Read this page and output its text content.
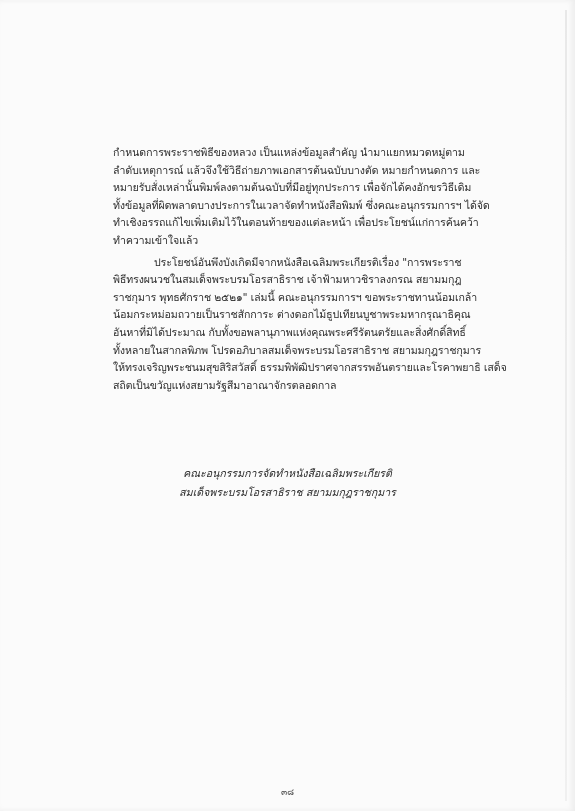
กำหนดการพระราชพิธีของหลวง เป็นแหล่งข้อมูลสำคัญ นำมาแยกหมวดหมู่ตาม
ลำดับเหตุการณ์ แล้วจึงใช้วิธีถ่ายภาพเอกสารต้นฉบับบางตัด หมายกำหนดการ และ
หมายรับสั่งเหล่านั้นพิมพ์ลงตามต้นฉบับที่มีอยู่ทุกประการ เพื่อจักได้คงอักขรวิธีเดิม
ทั้งข้อมูลที่ผิดพลาดบางประการในเวลาจัดทำหนังสือพิมพ์ ซึ่งคณะอนุกรรมการฯ ได้จัด
ทำเชิงอรรถแก้ไขเพิ่มเติมไว้ในตอนท้ายของแต่ละหน้า เพื่อประโยชน์แก่การค้นคว้า
ทำความเข้าใจแล้ว
ประโยชน์อันพึงบังเกิดมีจากหนังสือเฉลิมพระเกียรติเรื่อง "การพระราช
พิธีทรงผนวชในสมเด็จพระบรมโอรสาธิราช เจ้าฟ้ามหาวชิราลงกรณ สยามมกุฎ
ราชกุมาร พุทธศักราช ๒๕๒๑" เล่มนี้ คณะอนุกรรมการฯ ขอพระราชทานน้อมเกล้า
น้อมกระหม่อมถวายเป็นราชสักการะ ต่างดอกไม้ธูปเทียนบูชาพระมหากรุณาธิคุณ
อันหาที่มิได้ประมาณ กับทั้งขอพลานุภาพแห่งคุณพระศรีรัตนตรัยและสิ่งศักดิ์สิทธิ์
ทั้งหลายในสากลพิภพ โปรดอภิบาลสมเด็จพระบรมโอรสาธิราช สยามมกุฎราชกุมาร
ให้ทรงเจริญพระชนมสุขสิริสวัสดิ์ ธรรมพิพัฒิปราศจากสรรพอันตรายและโรคาพยาธิ เสด็จ
สถิตเป็นขวัญแห่งสยามรัฐสีมาอาณาจักรตลอดกาล
คณะอนุกรรมการจัดทำหนังสือเฉลิมพระเกียรติ
สมเด็จพระบรมโอรสาธิราช สยามมกุฎราชกุมาร
๓๘
